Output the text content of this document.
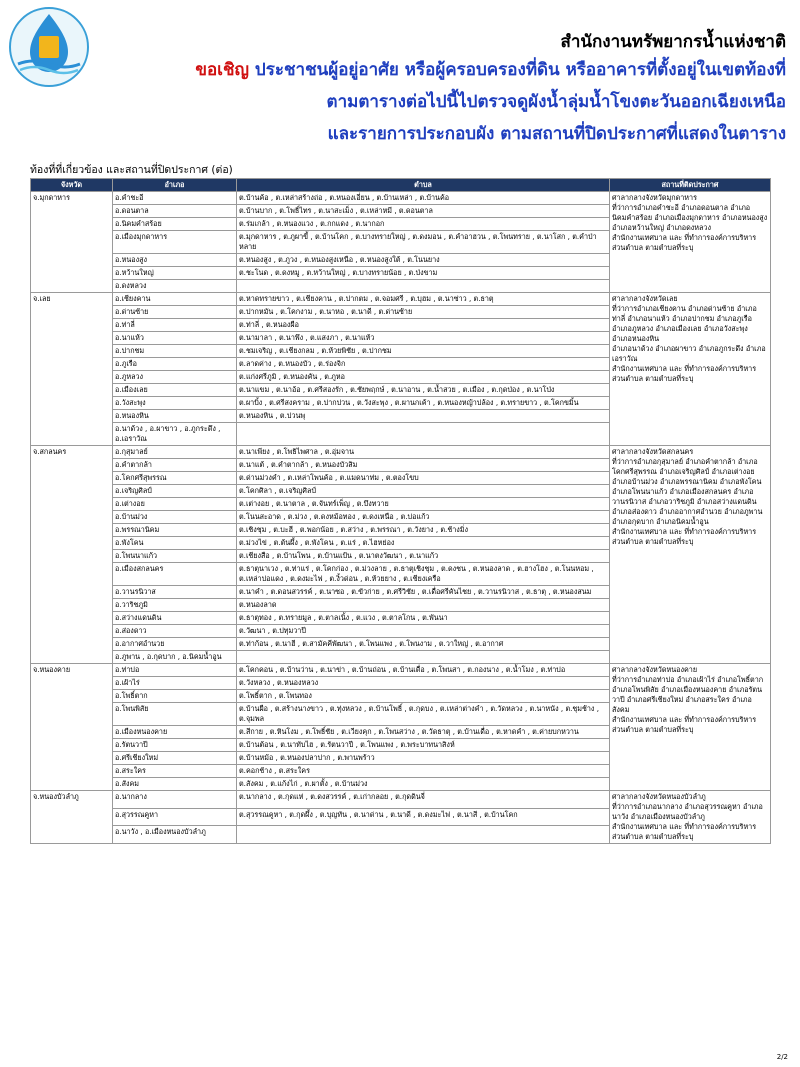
สำนักงานทรัพยากรน้ำแห่งชาติ
ขอเชิญ ประชาชนผู้อยู่อาศัย หรือผู้ครอบครองที่ดิน หรืออาคารที่ตั้งอยู่ในเขตท้องที่
ตามตารางต่อไปนี้ไปตรวจดูผังน้ำลุ่มน้ำโขงตะวันออกเฉียงเหนือ
และรายการประกอบผัง ตามสถานที่ปิดประกาศที่แสดงในตาราง
ท้องที่ที่เกี่ยวข้อง และสถานที่ปิดประกาศ (ต่อ)
จังหวัด	อำเภอ	ตำบล	สถานที่ติดประกาศ
จ.มุกดาหาร	อ.คำชะอี	ต.บ้านค้อ , ต.เหล่าสร้างถ่อ , ต.หนองเอี่ยน , ต.บ้านเหล่า , ต.บ้านค้อ	ศาลากลางจังหวัดมุกดาหาร
ที่ว่าการอำเภอคำชะอี อำเภอดอนตาล อำเภอนิคมคำสร้อย อำเภอเมืองมุกดาหาร อำเภอหนองสูง อำเภอหว้านใหญ่ อำเภอดงหลวง
สำนักงานเทศบาล และ ที่ทำการองค์การบริหารส่วนตำบล ตามตำบลที่ระบุ
	อ.ดอนตาล	ต.บ้านบาก , ต.โพธิ์ไทร , ต.นาสะเม็ง , ต.เหล่าหมี , ต.ดอนตาล	
	อ.นิคมคำสร้อย	ต.ร่มเกล้า , ต.หนองแวง , ต.กกแดง , ต.นากอก	
	อ.เมืองมุกดาหาร	ต.มุกดาหาร , ต.ภูผาขี้ , ต.บ้านโคก , ต.บางทรายใหญ่ , ต.ดงมอน , ต.คำอาฮวน , ต.โพนทราย , ต.นาโสก , ต.คำป่าหลาย	
	อ.หนองสูง	ต.หนองสูง , ต.ภูวง , ต.หนองสูงเหนือ , ต.หนองสูงใต้ , ต.โนนยาง	
	อ.หว้านใหญ่	ต.ชะโนด , ต.ดงหมู , ต.หว้านใหญ่ , ต.บางทรายน้อย , ต.ป่งขาม	
	อ.ดงหลวง		
จ.เลย	อ.เชียงคาน	ต.หาดทรายขาว , ต.เชียงคาน , ต.ปากตม , ต.จอมศรี , ต.บุฮม , ต.นาซ่าว , ต.ธาตุ	ศาลากลางจังหวัดเลย
ที่ว่าการอำเภอเชียงคาน อำเภอด่านซ้าย อำเภอท่าลี่ อำเภอนาแห้ว อำเภอปากชม อำเภอภูเรือ อำเภอภูหลวง อำเภอเมืองเลย อำเภอวังสะพุง อำเภอหนองหิน
อำเภอนาด้วง อำเภอผาขาว อำเภอภูกระดึง อำเภอเอราวัณ
สำนักงานเทศบาล และ ที่ทำการองค์การบริหารส่วนตำบล ตามตำบลที่ระบุ
	อ.ด่านซ้าย	ต.ปากหมัน , ต.โคกงาม , ต.นาหอ , ต.นาดี , ต.ด่านซ้าย	
	อ.ท่าลี่	ต.ท่าลี่ , ต.หนองผือ	
	อ.นาแห้ว	ต.นามาลา , ต.นาพึง , ต.แสงภา , ต.นาแห้ว	
	อ.ปากชม	ต.ชมเจริญ , ต.เชียงกลม , ต.ห้วยพิชัย , ต.ปากชม	
	อ.ภูเรือ	ต.ลาดค่าง , ต.หนองบัว , ต.ร่องจิก	
	อ.ภูหลวง	ต.แก่งศรีภูมิ , ต.หนองคัน , ต.ภูหอ	
	อ.เมืองเลย	ต.นาแขม , ต.นาอ้อ , ต.ศรีสองรัก , ต.ชัยพฤกษ์ , ต.นาอาน , ต.น้ำสวย , ต.เมือง , ต.กุดป่อง , ต.นาโป่ง	
	อ.วังสะพุง	ต.ผาบิ้ง , ต.ศรีสงคราม , ต.ปากปวน , ต.วังสะพุง , ต.ผานกเค้า , ต.หนองหญ้าปล้อง , ต.ทรายขาว , ต.โคกขมิ้น	
	อ.หนองหิน	ต.หนองหิน , ต.ปวนพุ	
	อ.นาด้วง , อ.ผาขาว , อ.ภูกระดึง , อ.เอราวัณ		
จ.สกลนคร	อ.กุสุมาลย์	ต.นาเพียง , ต.โพธิไพศาล , ต.อุ่มจาน	ศาลากลางจังหวัดสกลนคร
ที่ว่าการอำเภอกุสุมาลย์ อำเภอคำตากล้า อำเภอโคกศรีสุพรรณ อำเภอเจริญศิลป์ อำเภอเต่างอย อำเภอบ้านม่วง อำเภอพรรณานิคม อำเภอพังโคน อำเภอโพนนาแก้ว อำเภอเมืองสกลนคร อำเภอวานรนิวาส อำเภอวาริชภูมิ อำเภอสว่างแดนดิน อำเภอส่องดาว อำเภออากาศอำนวย อำเภอภูพาน อำเภอกุดบาก อำเภอนิคมน้ำอูน
สำนักงานเทศบาล และ ที่ทำการองค์การบริหารส่วนตำบล ตามตำบลที่ระบุ
	อ.คำตากล้า	ต.นาแต้ , ต.คำตากล้า , ต.หนองบัวสิม	
	อ.โคกศรีสุพรรณ	ต.ด่านม่วงคำ , ต.เหล่าโพนค้อ , ต.แมดนาท่ม , ต.ตองโขบ	
	อ.เจริญศิลป์	ต.โคกศิลา , ต.เจริญศิลป์	
	อ.เต่างอย	ต.เต่างอย , ต.นาตาล , ต.จันทร์เพ็ญ , ต.บึงทวาย	
	อ.บ้านม่วง	ต.โนนสะอาด , ต.ม่วง , ต.ดงหม้อทอง , ต.ดงเหนือ , ต.บ่อแก้ว	
	อ.พรรณานิคม	ต.เชิงชุม , ต.บะฮี , ต.พอกน้อย , ต.สว่าง , ต.พรรณา , ต.วังยาง , ต.ช้างมิ่ง	
	อ.พังโคน	ต.ม่วงไข่ , ต.ต้นผึ้ง , ต.พังโคน , ต.แร่ , ต.ไฮหย่อง	
	อ.โพนนาแก้ว	ต.เชียงสือ , ต.บ้านโพน , ต.บ้านแป้น , ต.นาตงวัฒนา , ต.นาแก้ว	
	อ.เมืองสกลนคร	ต.ธาตุนาเวง , ต.ท่าแร่ , ต.โคกก่อง , ต.ม่วงลาย , ต.ธาตุเชิงชุม , ต.ดงชน , ต.หนองลาด , ต.ฮางโฮง , ต.โนนหอม , ต.เหล่าปอแดง , ต.ดงมะไฟ , ต.งิ้วด่อน , ต.ห้วยยาง , ต.เชียงเครือ	
	อ.วานรนิวาส	ต.นาคำ , ต.ดอนสวรรค์ , ต.นาซอ , ต.ขัวก่าย , ต.ศรีวิชัย , ต.เดื่อศรีคันไชย , ต.วานรนิวาส , ต.ธาตุ , ต.หนองสนม	
	อ.วาริชภูมิ	ต.หนองลาด	
	อ.สว่างแดนดิน	ต.ธาตุทอง , ต.ทรายมูล , ต.ตาลเนิ้ง , ต.แวง , ต.ตาลโกน , ต.พันนา	
	อ.ส่องดาว	ต.วัฒนา , ต.ปทุมวาปี	
	อ.อากาศอำนวย	ต.ท่าก้อน , ต.นาฮี , ต.สามัคคีพัฒนา , ต.โพนแพง , ต.โพนงาม , ต.วาใหญ่ , ต.อากาศ	
	อ.ภูพาน , อ.กุดบาก , อ.นิคมน้ำอูน		
จ.หนองคาย	อ.ท่าบ่อ	ต.โคกคอน , ต.บ้านว่าน , ต.นาข่า , ต.บ้านถ่อน , ต.บ้านเดื่อ , ต.โพนสา , ต.กองนาง , ต.น้ำโมง , ต.ท่าบ่อ	ศาลากลางจังหวัดหนองคาย
ที่ว่าการอำเภอท่าบ่อ อำเภอเฝ้าไร่ อำเภอโพธิ์ตาก อำเภอโพนพิสัย อำเภอเมืองหนองคาย อำเภอรัตนวาปี อำเภอศรีเชียงใหม่ อำเภอสระใคร อำเภอสังคม
สำนักงานเทศบาล และ ที่ทำการองค์การบริหารส่วนตำบล ตามตำบลที่ระบุ
	อ.เฝ้าไร่	ต.วังหลวง , ต.หนองหลวง	
	อ.โพธิ์ตาก	ต.โพธิ์ตาก , ต.โพนทอง	
	อ.โพนพิสัย	ต.บ้านผือ , ต.สร้างนางขาว , ต.ทุ่งหลวง , ต.บ้านโพธิ์ , ต.กุดบง , ต.เหล่าต่างคำ , ต.วัดหลวง , ต.นาหนัง , ต.ชุมช้าง , ต.จุมพล	
	อ.เมืองหนองคาย	ต.สีกาย , ต.หินโงม , ต.โพธิ์ชัย , ต.เวียงคุก , ต.โพนสว่าง , ต.วัดธาตุ , ต.บ้านเดื่อ , ต.หาดคำ , ต.ค่ายบกหวาน	
	อ.รัตนวาปี	ต.บ้านต้อน , ต.นาทับไฮ , ต.รัตนวาปี , ต.โพนแพง , ต.พระบาทนาสิงห์	
	อ.ศรีเชียงใหม่	ต.บ้านหม้อ , ต.หนองปลาปาก , ต.พานพร้าว	
	อ.สระใคร	ต.คอกช้าง , ต.สระใคร	
	อ.สังคม	ต.สังคม , ต.แก้งไก่ , ต.ผาตั้ง , ต.บ้านม่วง	
จ.หนองบัวลำภู	อ.นากลาง	ต.นากลาง , ต.กุดแห่ , ต.ดงสวรรค์ , ต.เก่ากลอย , ต.กุดดินจี่	ศาลากลางจังหวัดหนองบัวลำภู
ที่ว่าการอำเภอนากลาง อำเภอสุวรรณคูหา อำเภอนาวัง อำเภอเมืองหนองบัวลำภู
สำนักงานเทศบาล และ ที่ทำการองค์การบริหารส่วนตำบล ตามตำบลที่ระบุ
	อ.สุวรรณคูหา	ต.สุวรรณคูหา , ต.กุดผึ้ง , ต.บุญทัน , ต.นาด่าน , ต.นาดี , ต.ดงมะไฟ , ต.นาสี , ต.บ้านโคก	
	อ.นาวัง , อ.เมืองหนองบัวลำภู		
2/2
